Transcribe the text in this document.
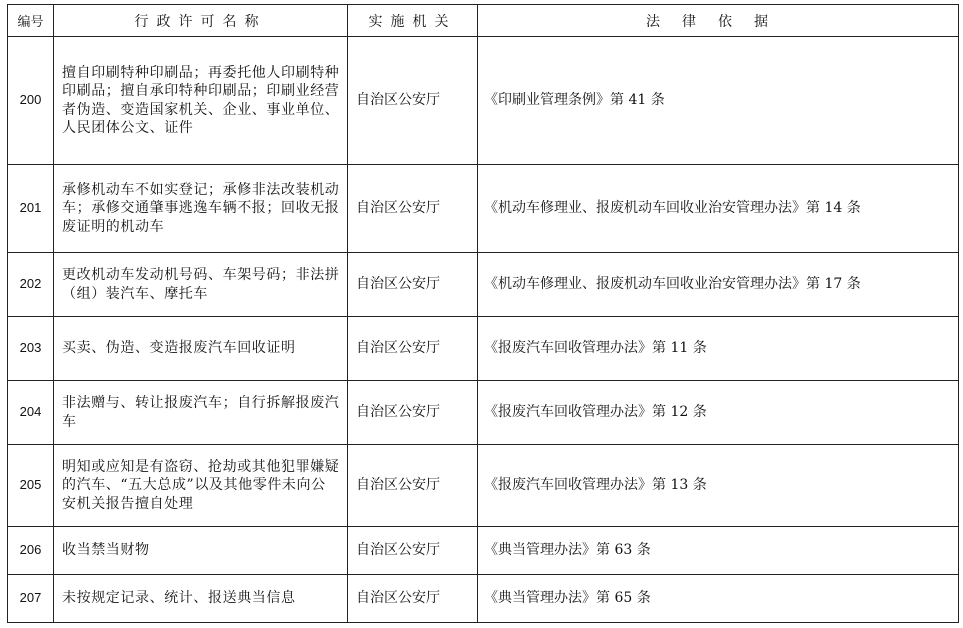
编号	行政许可名称	实施机关	法律依据
200	擅自印刷特种印刷品；再委托他人印刷特种印刷品；擅自承印特种印刷品；印刷业经营者伪造、变造国家机关、企业、事业单位、人民团体公文、证件	自治区公安厅	《印刷业管理条例》第 41 条
201	承修机动车不如实登记；承修非法改装机动车；承修交通肇事逃逸车辆不报；回收无报废证明的机动车	自治区公安厅	《机动车修理业、报废机动车回收业治安管理办法》第 14 条
202	更改机动车发动机号码、车架号码；非法拼（组）装汽车、摩托车	自治区公安厅	《机动车修理业、报废机动车回收业治安管理办法》第 17 条
203	买卖、伪造、变造报废汽车回收证明	自治区公安厅	《报废汽车回收管理办法》第 11 条
204	非法赠与、转让报废汽车；自行拆解报废汽车	自治区公安厅	《报废汽车回收管理办法》第 12 条
205	明知或应知是有盗窃、抢劫或其他犯罪嫌疑的汽车、“五大总成”以及其他零件未向公安机关报告擅自处理	自治区公安厅	《报废汽车回收管理办法》第 13 条
206	收当禁当财物	自治区公安厅	《典当管理办法》第 63 条
207	未按规定记录、统计、报送典当信息	自治区公安厅	《典当管理办法》第 65 条
